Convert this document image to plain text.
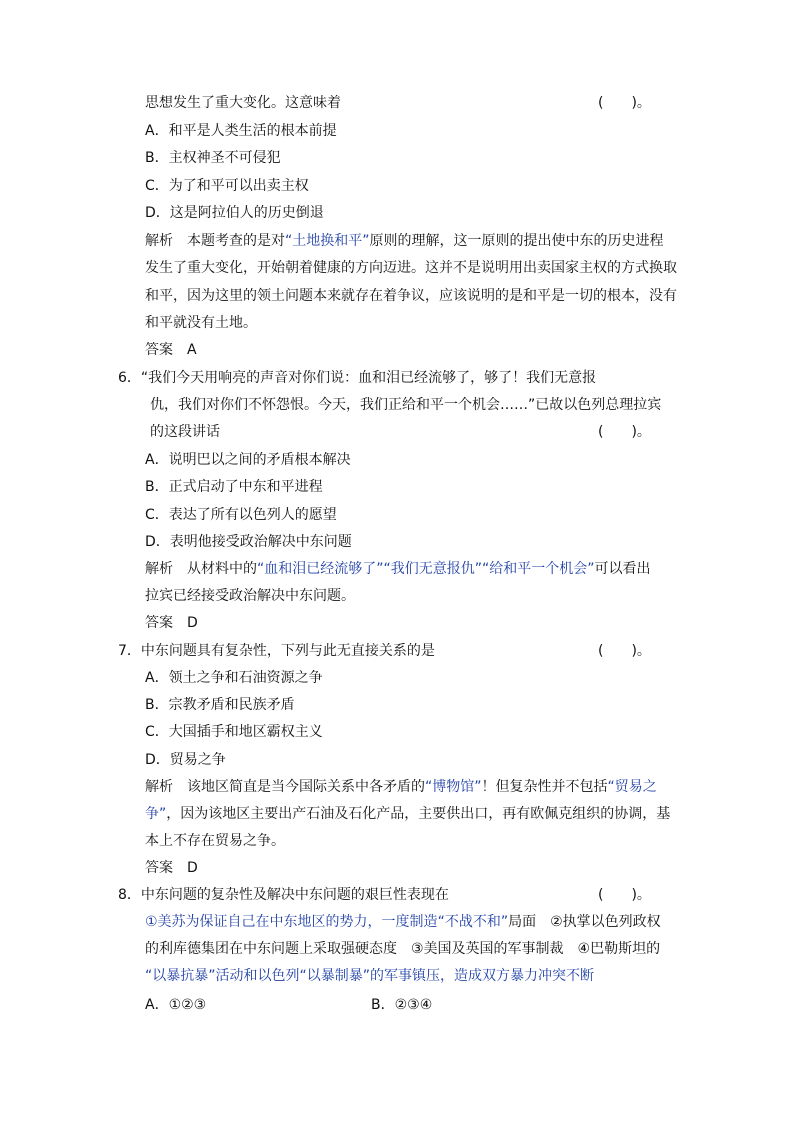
思想发生了重大变化。这意味着	(　　)。
A．和平是人类生活的根本前提
B．主权神圣不可侵犯
C．为了和平可以出卖主权
D．这是阿拉伯人的历史倒退
解析　本题考查的是对“土地换和平”原则的理解，这一原则的提出使中东的历史进程
发生了重大变化，开始朝着健康的方向迈进。这并不是说明用出卖国家主权的方式换取
和平，因为这里的领土问题本来就存在着争议，应该说明的是和平是一切的根本，没有
和平就没有土地。
答案　A
6．“我们今天用响亮的声音对你们说：血和泪已经流够了，够了！我们无意报
仇，我们对你们不怀怨恨。今天，我们正给和平一个机会……”已故以色列总理拉宾
的这段讲话	(　　)。
A．说明巴以之间的矛盾根本解决
B．正式启动了中东和平进程
C．表达了所有以色列人的愿望
D．表明他接受政治解决中东问题
解析　从材料中的“血和泪已经流够了”“我们无意报仇”“给和平一个机会”可以看出
拉宾已经接受政治解决中东问题。
答案　D
7．中东问题具有复杂性，下列与此无直接关系的是	(　　)。
A．领土之争和石油资源之争
B．宗教矛盾和民族矛盾
C．大国插手和地区霸权主义
D．贸易之争
解析　该地区简直是当今国际关系中各矛盾的“博物馆”！但复杂性并不包括“贸易之
争”，因为该地区主要出产石油及石化产品，主要供出口，再有欧佩克组织的协调，基
本上不存在贸易之争。
答案　D
8．中东问题的复杂性及解决中东问题的艰巨性表现在	(　　)。
①美苏为保证自己在中东地区的势力，一度制造“不战不和”局面　②执掌以色列政权
的利库德集团在中东问题上采取强硬态度　③美国及英国的军事制裁　④巴勒斯坦的
“以暴抗暴”活动和以色列“以暴制暴”的军事镇压，造成双方暴力冲突不断
A．①②③	B．②③④
